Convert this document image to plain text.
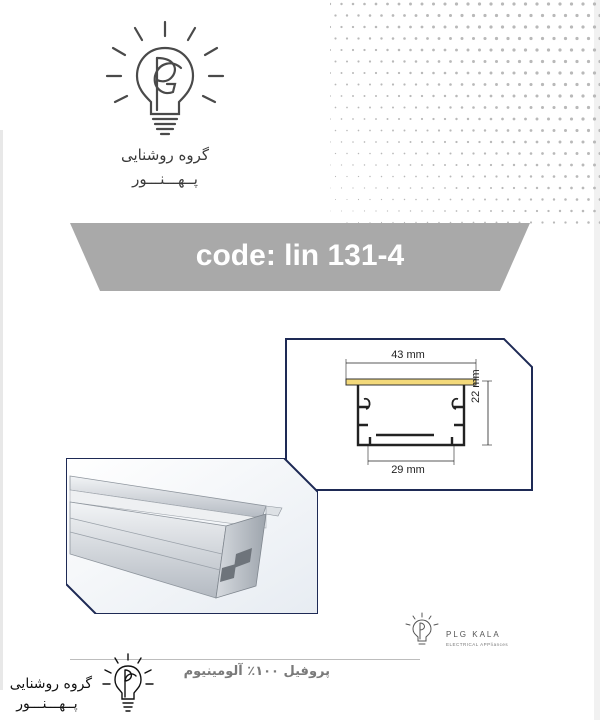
گروه روشنایی
پــهـــنـــور
code: lin 131-4
43 mm
22 mm
29 mm
PLG KALA
ELECTRICAL APPliances
پروفیل ۱۰۰٪ آلومینیوم
گروه روشنایی
پــهـــنـــور
